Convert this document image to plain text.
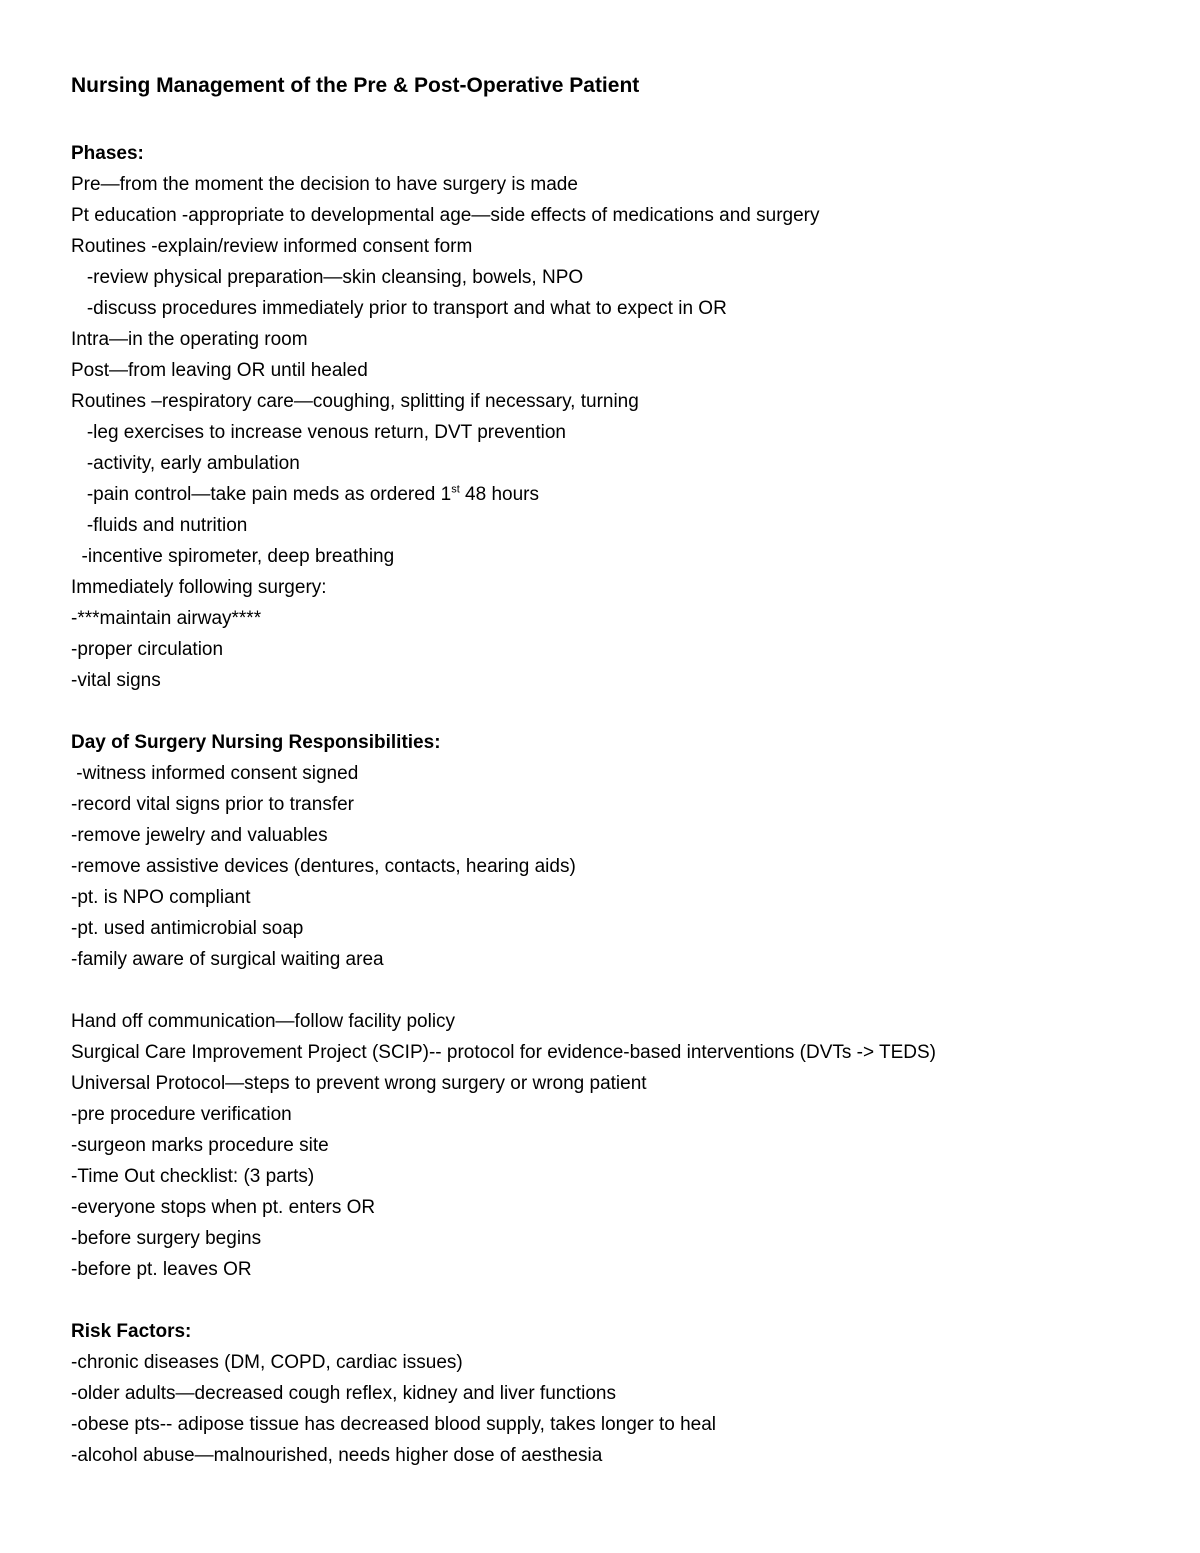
Nursing Management of the Pre & Post-Operative Patient

Phases:

Pre—from the moment the decision to have surgery is made

Pt education -appropriate to developmental age—side effects of medications and surgery

Routines -explain/review informed consent form

-review physical preparation—skin cleansing, bowels, NPO

-discuss procedures immediately prior to transport and what to expect in OR

Intra—in the operating room

Post—from leaving OR until healed

Routines –respiratory care—coughing, splitting if necessary, turning

-leg exercises to increase venous return, DVT prevention

-activity, early ambulation

-pain control—take pain meds as ordered 1st 48 hours

-fluids and nutrition

-incentive spirometer, deep breathing

Immediately following surgery:

-***maintain airway****

-proper circulation

-vital signs

Day of Surgery Nursing Responsibilities:

-witness informed consent signed

-record vital signs prior to transfer

-remove jewelry and valuables

-remove assistive devices (dentures, contacts, hearing aids)

-pt. is NPO compliant

-pt. used antimicrobial soap

-family aware of surgical waiting area

Hand off communication—follow facility policy

Surgical Care Improvement Project (SCIP)-- protocol for evidence-based interventions (DVTs -> TEDS)

Universal Protocol—steps to prevent wrong surgery or wrong patient

-pre procedure verification

-surgeon marks procedure site

-Time Out checklist: (3 parts)

-everyone stops when pt. enters OR

-before surgery begins

-before pt. leaves OR

Risk Factors:

-chronic diseases (DM, COPD, cardiac issues)

-older adults—decreased cough reflex, kidney and liver functions

-obese pts-- adipose tissue has decreased blood supply, takes longer to heal

-alcohol abuse—malnourished, needs higher dose of aesthesia
